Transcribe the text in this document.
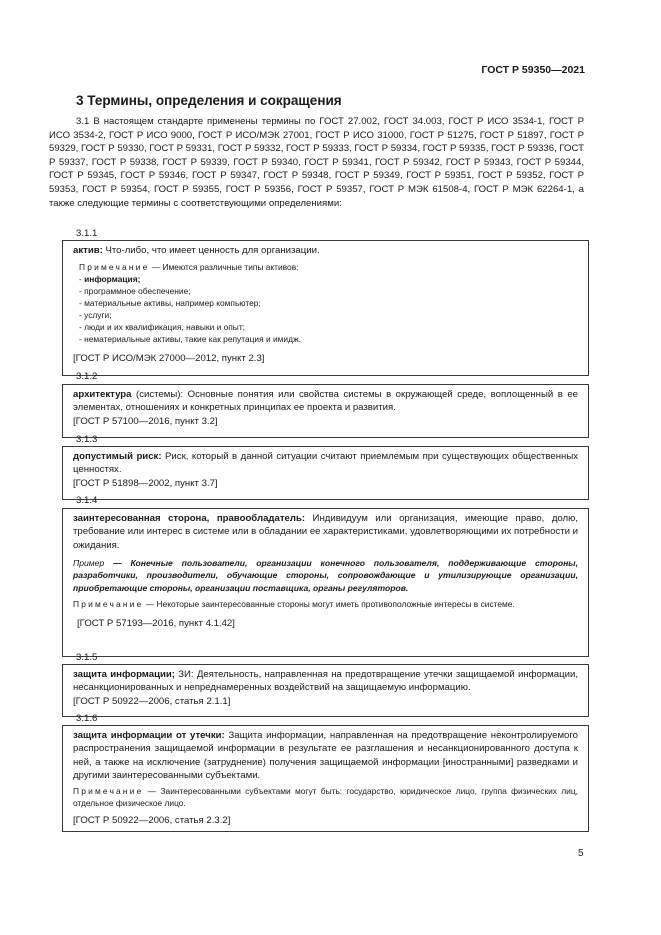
ГОСТ Р 59350—2021
3 Термины, определения и сокращения

3.1 В настоящем стандарте применены термины по ГОСТ 27.002, ГОСТ 34.003, ГОСТ Р ИСО 3534-1, ГОСТ Р ИСО 3534-2, ГОСТ Р ИСО 9000, ГОСТ Р ИСО/МЭК 27001, ГОСТ Р ИСО 31000, ГОСТ Р 51275, ГОСТ Р 51897, ГОСТ Р 59329, ГОСТ Р 59330, ГОСТ Р 59331, ГОСТ Р 59332, ГОСТ Р 59333, ГОСТ Р 59334, ГОСТ Р 59335, ГОСТ Р 59336, ГОСТ Р 59337, ГОСТ Р 59338, ГОСТ Р 59339, ГОСТ Р 59340, ГОСТ Р 59341, ГОСТ Р 59342, ГОСТ Р 59343, ГОСТ Р 59344, ГОСТ Р 59345, ГОСТ Р 59346, ГОСТ Р 59347, ГОСТ Р 59348, ГОСТ Р 59349, ГОСТ Р 59351, ГОСТ Р 59352, ГОСТ Р 59353, ГОСТ Р 59354, ГОСТ Р 59355, ГОСТ Р 59356, ГОСТ Р 59357, ГОСТ Р МЭК 61508-4, ГОСТ Р МЭК 62264-1, а также следующие термины с соответствующими определениями:

3.1.1

актив: Что-либо, что имеет ценность для организации.

Примечание — Имеются различные типы активов:

- информация;
- программное обеспечение;
- материальные активы, например компьютер;
- услуги;
- люди и их квалификация, навыки и опыт;
- нематериальные активы, такие как репутация и имидж.

[ГОСТ Р ИСО/МЭК 27000—2012, пункт 2.3]

3.1.2

архитектура (системы): Основные понятия или свойства системы в окружающей среде, воплощенный в ее элементах, отношениях и конкретных принципах ее проекта и развития.

[ГОСТ Р 57100—2016, пункт 3.2]

3.1.3

допустимый риск: Риск, который в данной ситуации считают приемлемым при существующих общественных ценностях.

[ГОСТ Р 51898—2002, пункт 3.7]

3.1.4

заинтересованная сторона, правообладатель: Индивидуум или организация, имеющие право, долю, требование или интерес в системе или в обладании ее характеристиками, удовлетворяющими их потребности и ожидания.

Пример — Конечные пользователи, организации конечного пользователя, поддерживающие стороны, разработчики, производители, обучающие стороны, сопровождающие и утилизирующие организации, приобретающие стороны, организации поставщика, органы регуляторов.

Примечание — Некоторые заинтересованные стороны могут иметь противоположные интересы в системе.

[ГОСТ Р 57193—2016, пункт 4.1.42]

3.1.5

защита информации; ЗИ: Деятельность, направленная на предотвращение утечки защищаемой информации, несанкционированных и непреднамеренных воздействий на защищаемую информацию.

[ГОСТ Р 50922—2006, статья 2.1.1]

3.1.6

защита информации от утечки: Защита информации, направленная на предотвращение неконтролируемого распространения защищаемой информации в результате ее разглашения и несанкционированного доступа к ней, а также на исключение (затруднение) получения защищаемой информации [иностранными] разведками и другими заинтересованными субъектами.

Примечание — Заинтересованными субъектами могут быть: государство, юридическое лицо, группа физических лиц, отдельное физическое лицо.

[ГОСТ Р 50922—2006, статья 2.3.2]

5
